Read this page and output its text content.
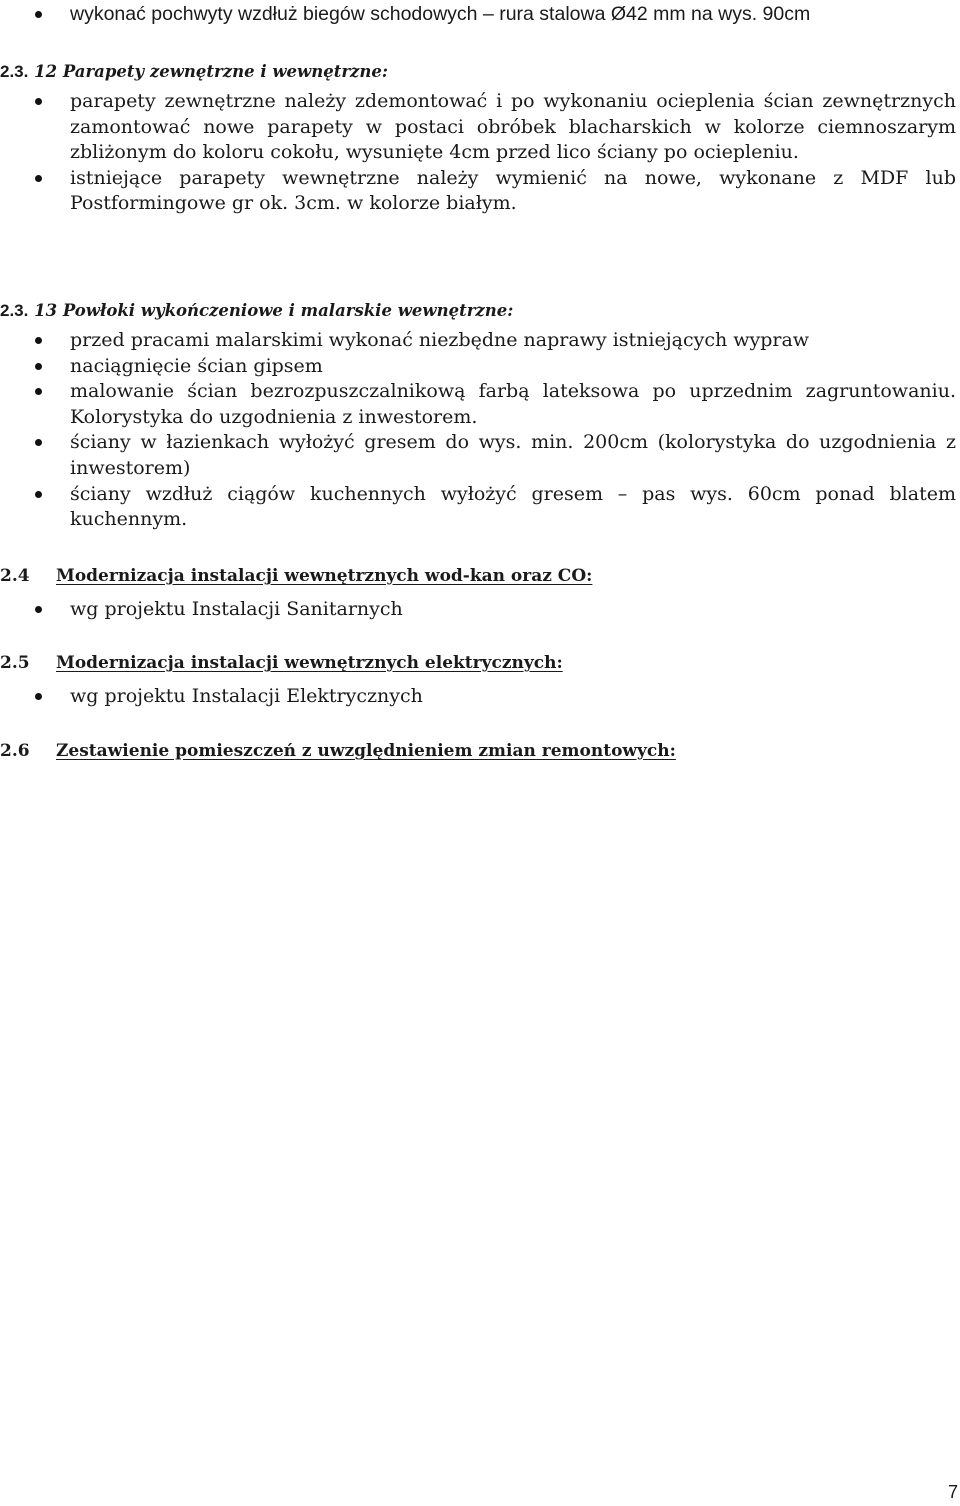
wykonać pochwyty wzdłuż biegów schodowych – rura stalowa Ø42 mm na wys. 90cm
2.3. 12 Parapety zewnętrzne i wewnętrzne:
parapety zewnętrzne należy zdemontować i po wykonaniu ocieplenia ścian zewnętrznych zamontować nowe parapety w postaci obróbek blacharskich w kolorze ciemnoszarym zbliżonym do koloru cokołu, wysunięte 4cm przed lico ściany po ociepleniu.
istniejące parapety wewnętrzne należy wymienić na nowe, wykonane z MDF lub Postformingowe gr ok. 3cm. w kolorze białym.
2.3. 13 Powłoki wykończeniowe i malarskie wewnętrzne:
przed pracami malarskimi wykonać niezbędne naprawy istniejących wypraw
naciągnięcie ścian gipsem
malowanie ścian bezrozpuszczalnikową farbą lateksowa po uprzednim zagruntowaniu. Kolorystyka do uzgodnienia z inwestorem.
ściany w łazienkach wyłożyć gresem do wys. min. 200cm (kolorystyka do uzgodnienia z inwestorem)
ściany wzdłuż ciągów kuchennych wyłożyć gresem – pas wys. 60cm ponad blatem kuchennym.
2.4 Modernizacja instalacji wewnętrznych wod-kan oraz CO:
wg projektu Instalacji Sanitarnych
2.5 Modernizacja instalacji wewnętrznych elektrycznych:
wg projektu Instalacji Elektrycznych
2.6 Zestawienie pomieszczeń z uwzględnieniem zmian remontowych:
7
